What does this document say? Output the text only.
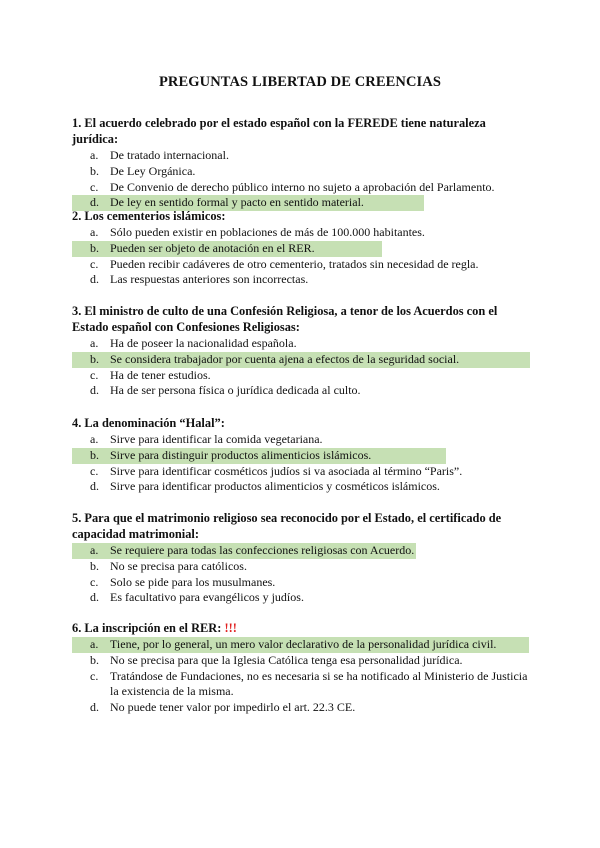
PREGUNTAS LIBERTAD DE CREENCIAS
1. El acuerdo celebrado por el estado español con la FEREDE tiene naturaleza jurídica:
a. De tratado internacional.
b. De Ley Orgánica.
c. De Convenio de derecho público interno no sujeto a aprobación del Parlamento.
d. De ley en sentido formal y pacto en sentido material.
2. Los cementerios islámicos:
a. Sólo pueden existir en poblaciones de más de 100.000 habitantes.
b. Pueden ser objeto de anotación en el RER.
c. Pueden recibir cadáveres de otro cementerio, tratados sin necesidad de regla.
d. Las respuestas anteriores son incorrectas.
3. El ministro de culto de una Confesión Religiosa, a tenor de los Acuerdos con el Estado español con Confesiones Religiosas:
a. Ha de poseer la nacionalidad española.
b. Se considera trabajador por cuenta ajena a efectos de la seguridad social.
c. Ha de tener estudios.
d. Ha de ser persona física o jurídica dedicada al culto.
4. La denominación “Halal”:
a. Sirve para identificar la comida vegetariana.
b. Sirve para distinguir productos alimenticios islámicos.
c. Sirve para identificar cosméticos judíos si va asociada al término “Paris”.
d. Sirve para identificar productos alimenticios y cosméticos islámicos.
5. Para que el matrimonio religioso sea reconocido por el Estado, el certificado de capacidad matrimonial:
a. Se requiere para todas las confecciones religiosas con Acuerdo.
b. No se precisa para católicos.
c. Solo se pide para los musulmanes.
d. Es facultativo para evangélicos y judíos.
6. La inscripción en el RER: !!!
a. Tiene, por lo general, un mero valor declarativo de la personalidad jurídica civil.
b. No se precisa para que la Iglesia Católica tenga esa personalidad jurídica.
c. Tratándose de Fundaciones, no es necesaria si se ha notificado al Ministerio de Justicia la existencia de la misma.
d. No puede tener valor por impedirlo el art. 22.3 CE.
